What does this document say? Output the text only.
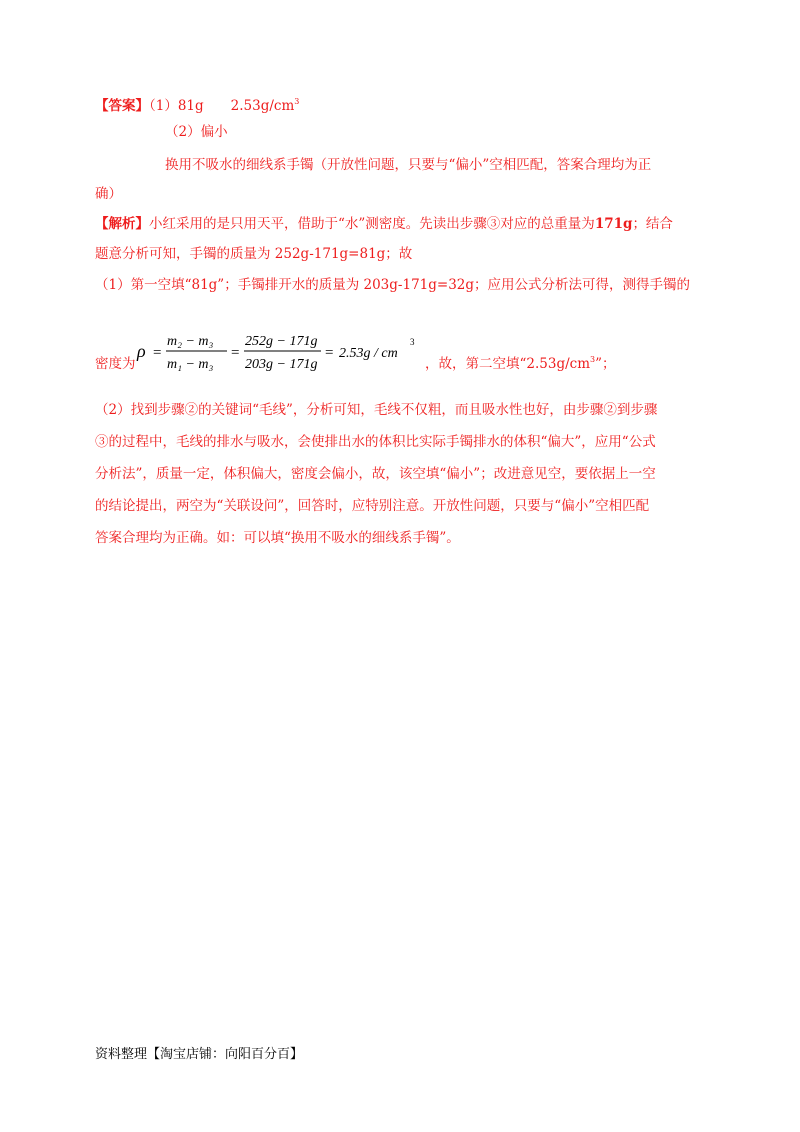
【答案】（1）81g　　$2.53g/cm^3$
（2）偏小
换用不吸水的细线系手镯（开放性问题，只要与“偏小”空相匹配，答案合理均为正
确）
【解析】小红采用的是只用天平，借助于“水”测密度。先读出步骤③对应的总重量为171g；结合
题意分析可知，手镯的质量为 252g-171g=81g；故
（1）第一空填“81g”；手镯排开水的质量为 203g-171g=32g；应用公式分析法可得，测得手镯的
密度为
ρ =
m₂ − m₃
m₁ − m₃
=
252g − 171g
203g − 171g
= 2.53g / cm
3
，故，第二空填“$2.53g/cm^3$”；
（2）找到步骤②的关键词“毛线”，分析可知，毛线不仅粗，而且吸水性也好，由步骤②到步骤
③的过程中，毛线的排水与吸水，会使排出水的体积比实际手镯排水的体积“偏大”，应用“公式
分析法”，质量一定，体积偏大，密度会偏小，故，该空填“偏小”；改进意见空，要依据上一空
的结论提出，两空为“关联设问”，回答时，应特别注意。开放性问题，只要与“偏小”空相匹配
答案合理均为正确。如：可以填“换用不吸水的细线系手镯”。
资料整理【淘宝店铺：向阳百分百】
